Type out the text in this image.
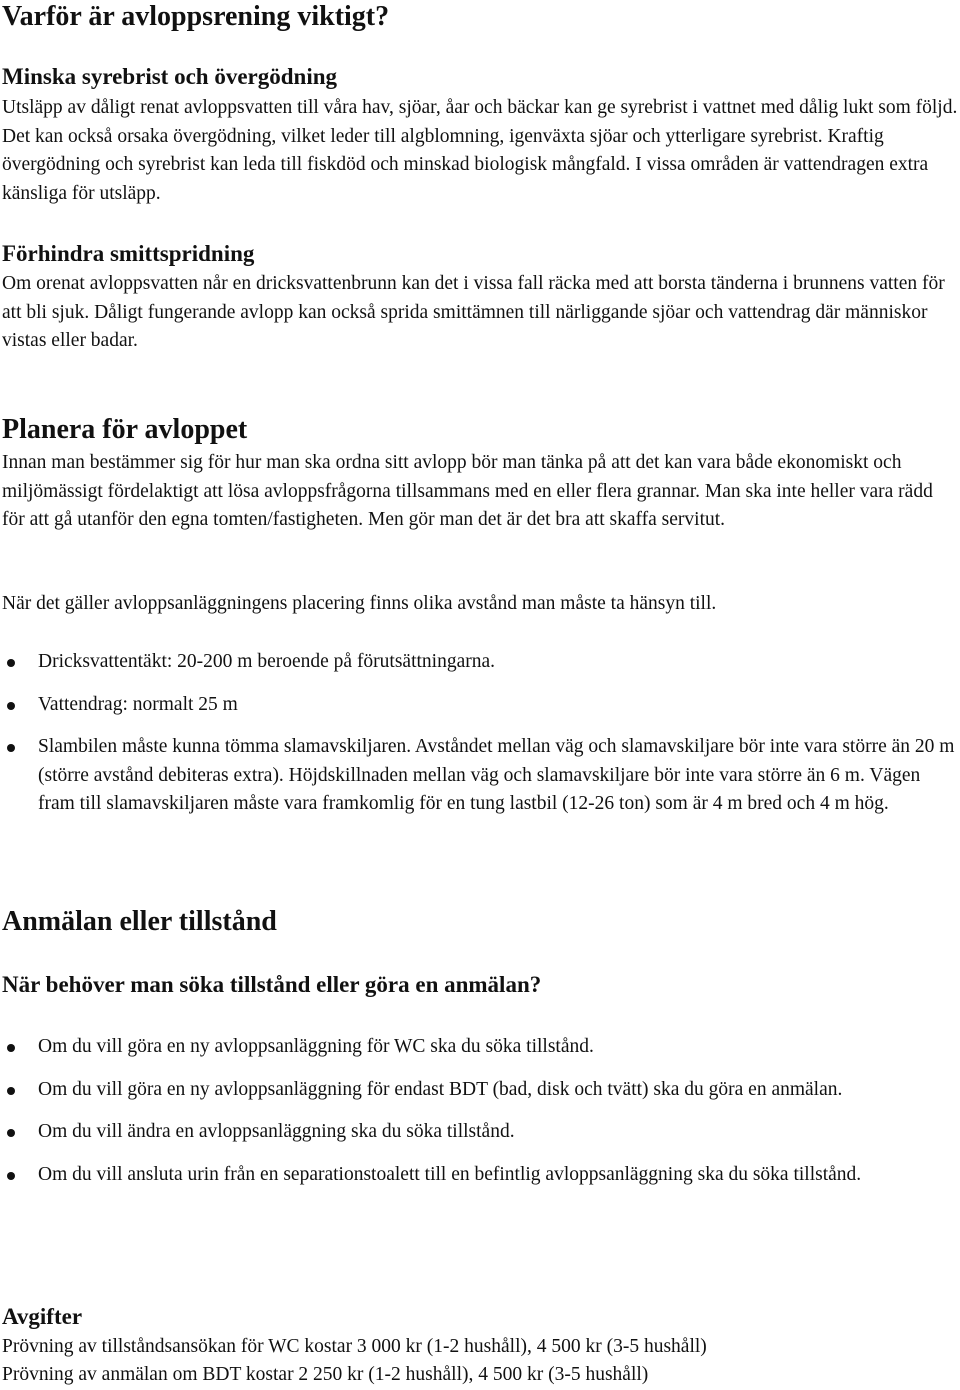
Varför är avloppsrening viktigt?
Minska syrebrist och övergödning

Utsläpp av dåligt renat avloppsvatten till våra hav, sjöar, åar och bäckar kan ge syrebrist i vattnet med dålig lukt som följd. Det kan också orsaka övergödning, vilket leder till algblomning, igenväxta sjöar och ytterligare syrebrist. Kraftig övergödning och syrebrist kan leda till fiskdöd och minskad biologisk mångfald. I vissa områden är vattendragen extra känsliga för utsläpp.

Förhindra smittspridning

Om orenat avloppsvatten når en dricksvattenbrunn kan det i vissa fall räcka med att borsta tänderna i brunnens vatten för att bli sjuk. Dåligt fungerande avlopp kan också sprida smittämnen till närliggande sjöar och vattendrag där människor vistas eller badar.

Planera för avloppet

Innan man bestämmer sig för hur man ska ordna sitt avlopp bör man tänka på att det kan vara både ekonomiskt och miljömässigt fördelaktigt att lösa avloppsfrågorna tillsammans med en eller flera grannar. Man ska inte heller vara rädd för att gå utanför den egna tomten/fastigheten. Men gör man det är det bra att skaffa servitut.

När det gäller avloppsanläggningens placering finns olika avstånd man måste ta hänsyn till.

Dricksvattentäkt: 20-200 m beroende på förutsättningarna.
Vattendrag: normalt 25 m
Slambilen måste kunna tömma slamavskiljaren. Avståndet mellan väg och slamavskiljare bör inte vara större än 20 m (större avstånd debiteras extra). Höjdskillnaden mellan väg och slamavskiljare bör inte vara större än 6 m. Vägen fram till slamavskiljaren måste vara framkomlig för en tung lastbil (12-26 ton) som är 4 m bred och 4 m hög.
Anmälan eller tillstånd
När behöver man söka tillstånd eller göra en anmälan?
Om du vill göra en ny avloppsanläggning för WC ska du söka tillstånd.
Om du vill göra en ny avloppsanläggning för endast BDT (bad, disk och tvätt) ska du göra en anmälan.
Om du vill ändra en avloppsanläggning ska du söka tillstånd.
Om du vill ansluta urin från en separationstoalett till en befintlig avloppsanläggning ska du söka tillstånd.
Avgifter

Prövning av tillståndsansökan för WC kostar 3 000 kr (1-2 hushåll), 4 500 kr (3-5 hushåll)

Prövning av anmälan om BDT kostar 2 250 kr (1-2 hushåll), 4 500 kr (3-5 hushåll)
